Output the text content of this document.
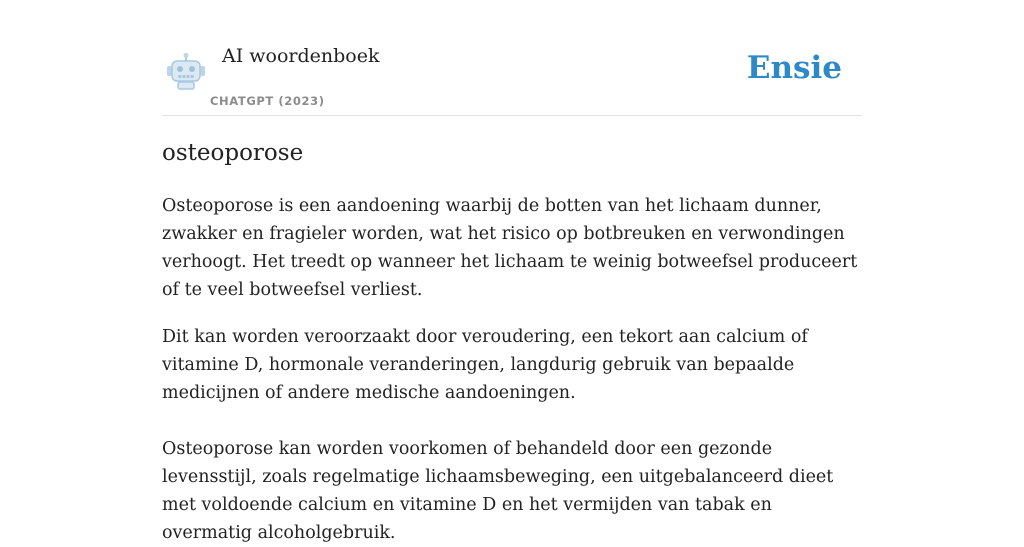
AI woordenboek
CHATGPT (2023)
Ensie
osteoporose

Osteoporose is een aandoening waarbij de botten van het lichaam dunner, zwakker en fragieler worden, wat het risico op botbreuken en verwondingen verhoogt. Het treedt op wanneer het lichaam te weinig botweefsel produceert of te veel botweefsel verliest.

Dit kan worden veroorzaakt door veroudering, een tekort aan calcium of vitamine D, hormonale veranderingen, langdurig gebruik van bepaalde medicijnen of andere medische aandoeningen.

Osteoporose kan worden voorkomen of behandeld door een gezonde levensstijl, zoals regelmatige lichaamsbeweging, een uitgebalanceerd dieet met voldoende calcium en vitamine D en het vermijden van tabak en overmatig alcoholgebruik.
